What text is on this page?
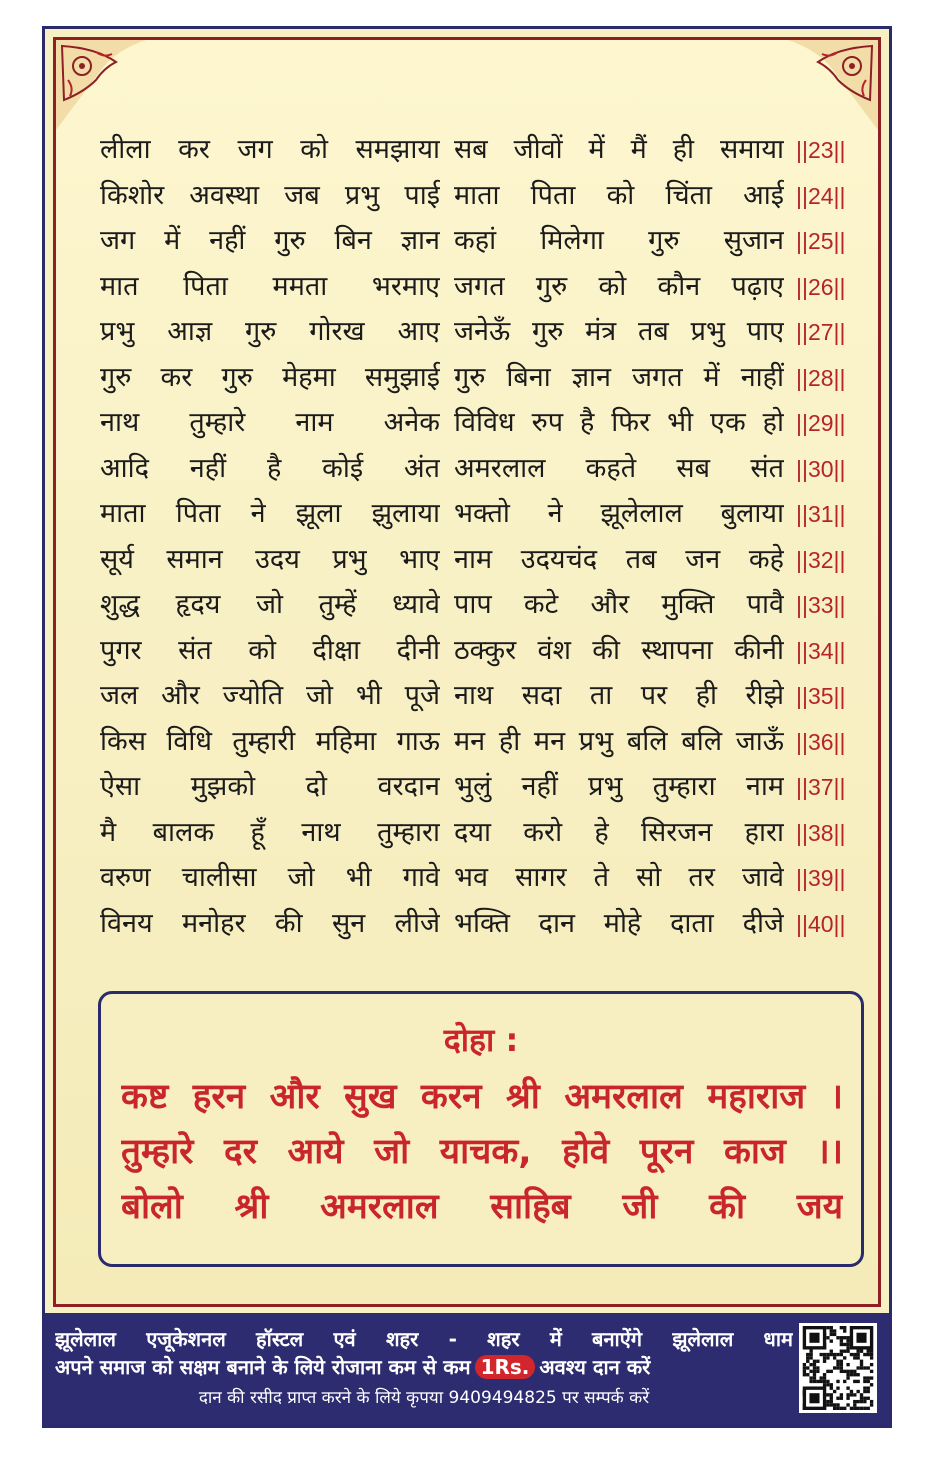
लीला कर जग को समझाया सब जीवों में मैं ही समाया ||23||
किशोर अवस्था जब प्रभु पाई माता पिता को चिंता आई ||24||
जग में नहीं गुरु बिन ज्ञान कहां मिलेगा गुरु सुजान ||25||
मात पिता ममता भरमाए जगत गुरु को कौन पढ़ाए ||26||
प्रभु आज्ञ गुरु गोरख आए जनेऊँ गुरु मंत्र तब प्रभु पाए ||27||
गुरु कर गुरु मेहमा समुझाई गुरु बिना ज्ञान जगत में नाहीं ||28||
नाथ तुम्हारे नाम अनेक विविध रुप है फिर भी एक हो ||29||
आदि नहीं है कोई अंत अमरलाल कहते सब संत ||30||
माता पिता ने झूला झुलाया भक्तो ने झूलेलाल बुलाया ||31||
सूर्य समान उदय प्रभु भाए नाम उदयचंद तब जन कहे ||32||
शुद्ध हृदय जो तुम्हें ध्यावे पाप कटे और मुक्ति पावै ||33||
पुगर संत को दीक्षा दीनी ठक्कुर वंश की स्थापना कीनी ||34||
जल और ज्योति जो भी पूजे नाथ सदा ता पर ही रीझे ||35||
किस विधि तुम्हारी महिमा गाऊ मन ही मन प्रभु बलि बलि जाऊँ ||36||
ऐसा मुझको दो वरदान भुलुं नहीं प्रभु तुम्हारा नाम ||37||
मै बालक हूँ नाथ तुम्हारा दया करो हे सिरजन हारा ||38||
वरुण चालीसा जो भी गावे भव सागर ते सो तर जावे ||39||
विनय मनोहर की सुन लीजे भक्ति दान मोहे दाता दीजे ||40||
दोहा :
कष्ट हरन और सुख करन श्री अमरलाल महाराज ।
तुम्हारे दर आये जो याचक, होवे पूरन काज ।।
बोलो श्री अमरलाल साहिब जी की जय
झूलेलाल एजूकेशनल हॉस्टल एवं शहर - शहर में बनाऐंगे झूलेलाल धाम
अपने समाज को सक्षम बनाने के लिये रोजाना कम से कम 1Rs. अवश्य दान करें
दान की रसीद प्राप्त करने के लिये कृपया 9409494825 पर सम्पर्क करें
